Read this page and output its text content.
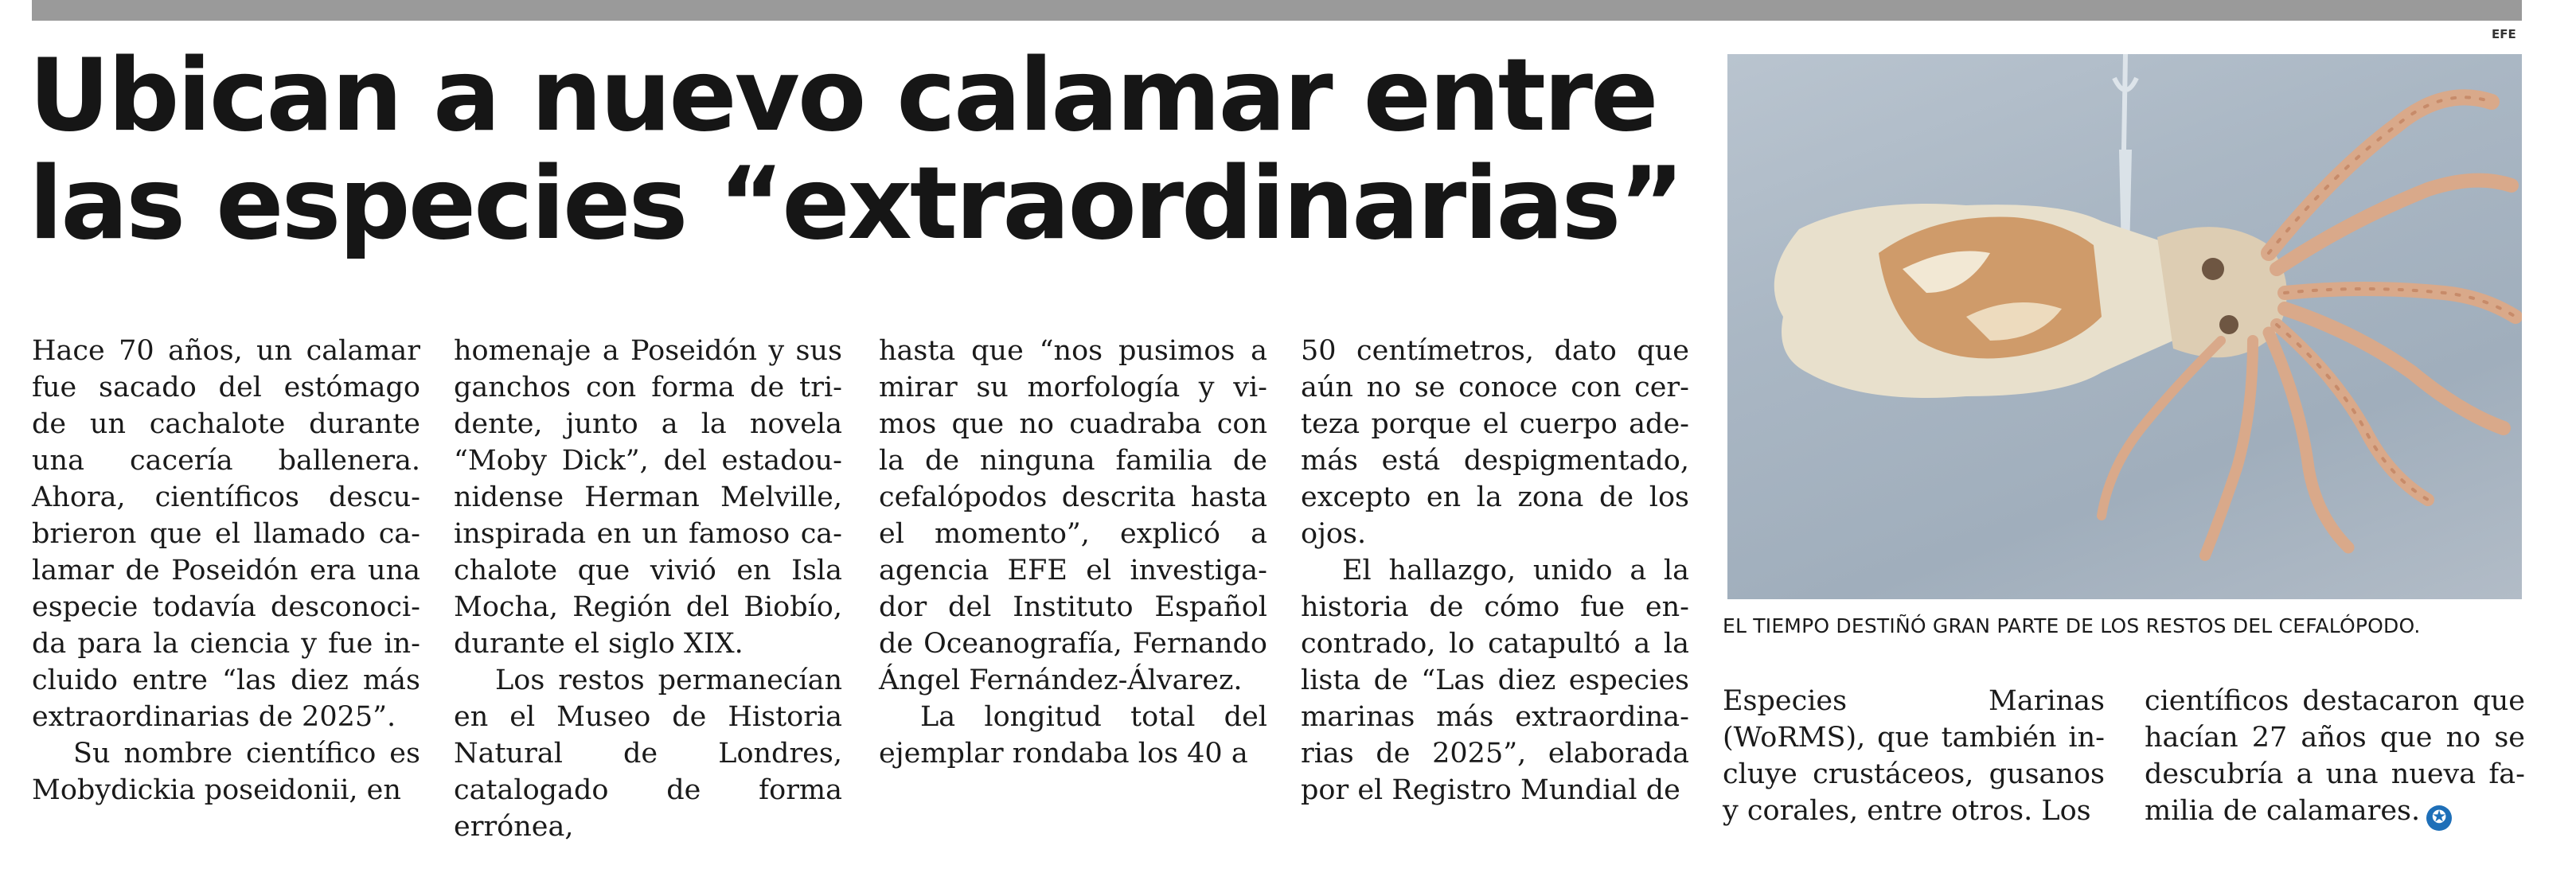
Ubican a nuevo calamar entre las especies “extraordinarias”

Hace 70 años, un calamar fue sacado del estómago de un cachalote durante una cacería ballenera. Ahora, científicos descubrieron que el llamado calamar de Poseidón era una especie todavía desconocida para la ciencia y fue incluido entre “las diez más extraordinarias de 2025”.

Su nombre científico es Mobydickia poseidonii, en

homenaje a Poseidón y sus ganchos con forma de tridente, junto a la novela “Moby Dick”, del estadounidense Herman Melville, inspirada en un famoso cachalote que vivió en Isla Mocha, Región del Biobío, durante el siglo XIX.

Los restos permanecían en el Museo de Historia Natural de Londres, catalogado de forma errónea,

hasta que “nos pusimos a mirar su morfología y vimos que no cuadraba con la de ninguna familia de cefalópodos descrita hasta el momento”, explicó a agencia EFE el investigador del Instituto Español de Oceanografía, Fernando Ángel Fernández-Álvarez.

La longitud total del ejemplar rondaba los 40 a

50 centímetros, dato que aún no se conoce con certeza porque el cuerpo además está despigmentado, excepto en la zona de los ojos.

El hallazgo, unido a la historia de cómo fue encontrado, lo catapultó a la lista de “Las diez especies marinas más extraordinarias de 2025”, elaborada por el Registro Mundial de

EFE
EL TIEMPO DESTIÑÓ GRAN PARTE DE LOS RESTOS DEL CEFALÓPODO.

Especies Marinas (WoRMS), que también incluye crustáceos, gusanos y corales, entre otros. Los

científicos destacaron que hacían 27 años que no se descubría a una nueva familia de calamares. ✪
